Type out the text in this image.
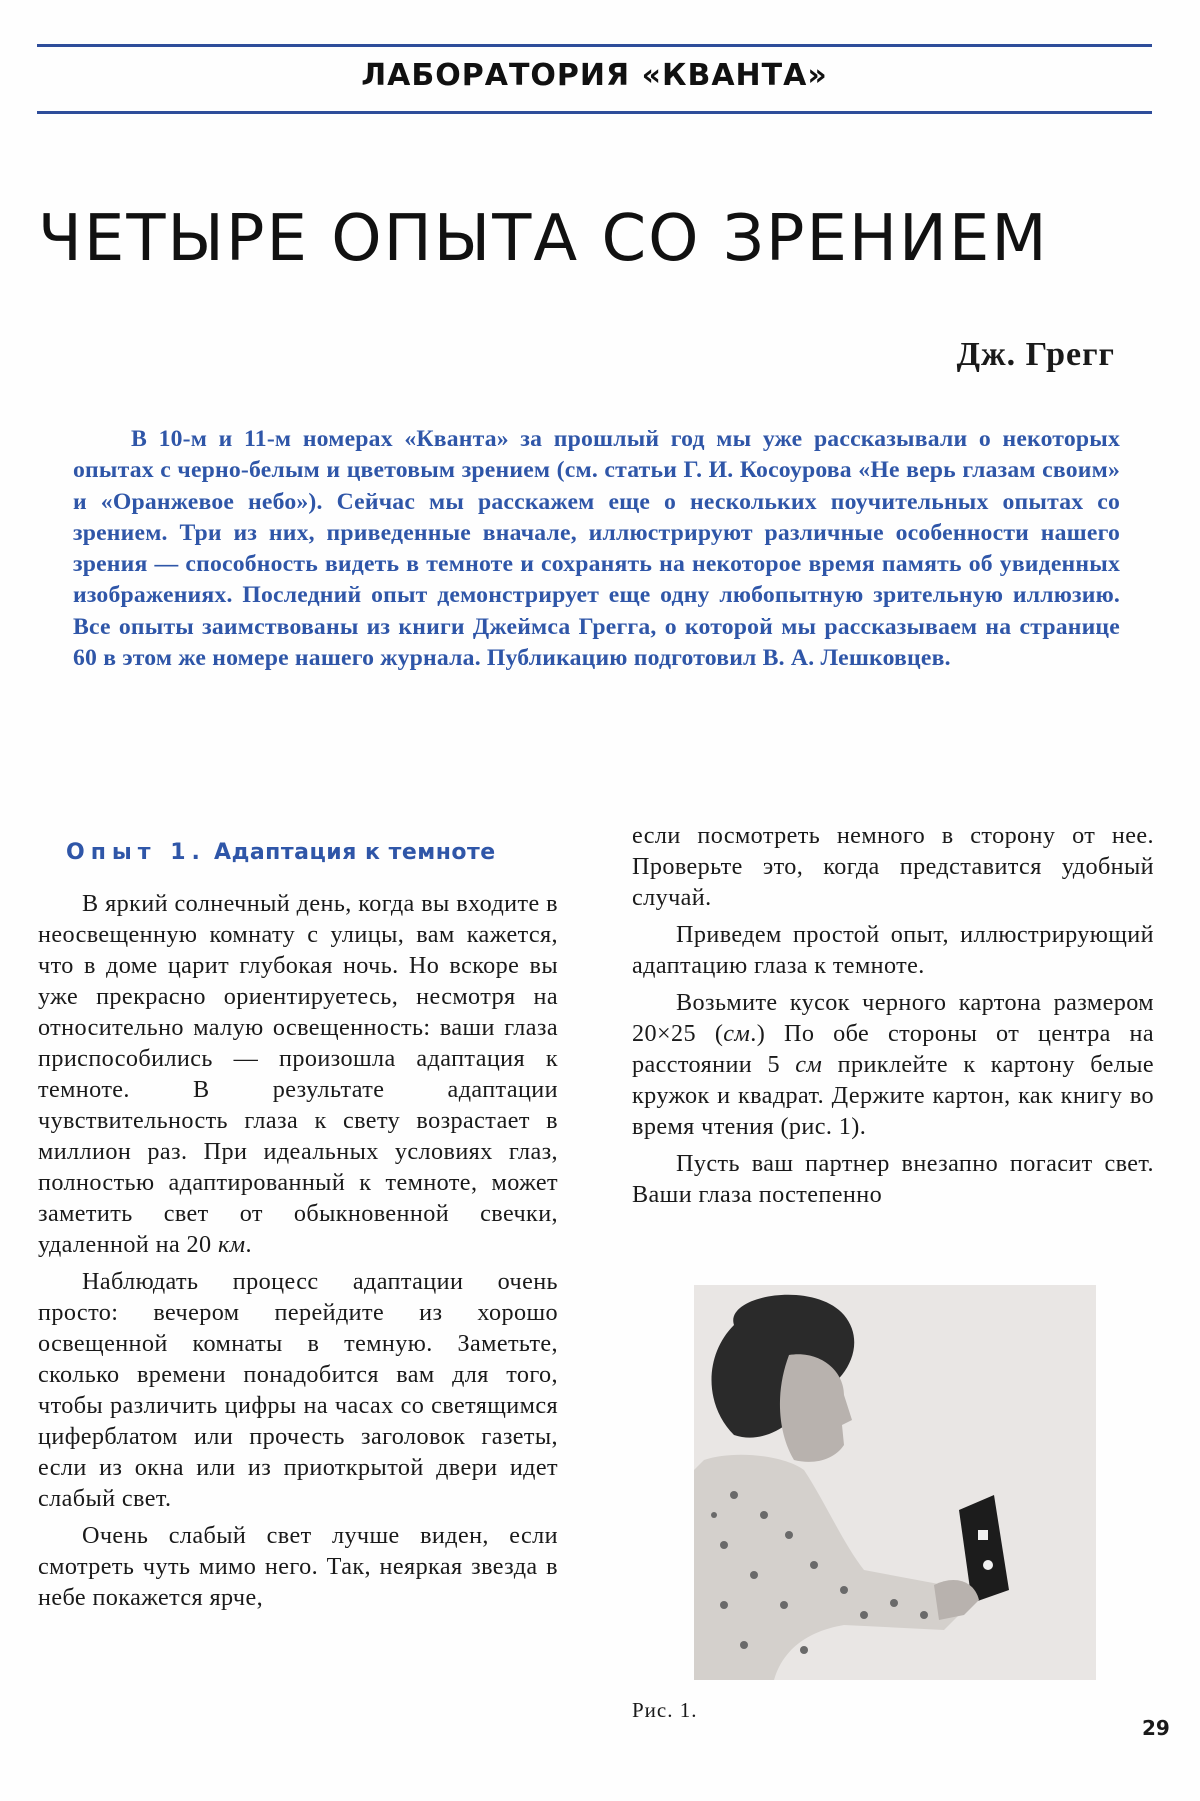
ЛАБОРАТОРИЯ «КВАНТА»
ЧЕТЫРЕ ОПЫТА СО ЗРЕНИЕМ
Дж. Грегг
В 10-м и 11-м номерах «Кванта» за прошлый год мы уже рассказывали о некоторых опытах с черно-белым и цветовым зрением (см. статьи Г. И. Косоурова «Не верь глазам своим» и «Оранжевое небо»). Сейчас мы расскажем еще о нескольких поучительных опытах со зрением. Три из них, приведенные вначале, иллюстрируют различные особенности нашего зрения — способность видеть в темноте и сохранять на некоторое время память об увиденных изображениях. Последний опыт демонстрирует еще одну любопытную зрительную иллюзию. Все опыты заимствованы из книги Джеймса Грегга, о которой мы рассказываем на странице 60 в этом же номере нашего журнала. Публикацию подготовил В. А. Лешковцев.
Опыт 1. Адаптация к темноте

В яркий солнечный день, когда вы входите в неосвещенную комнату с улицы, вам кажется, что в доме царит глубокая ночь. Но вскоре вы уже прекрасно ориентируетесь, несмотря на относительно малую освещенность: ваши глаза приспособились — произошла адаптация к темноте. В результате адаптации чувствительность глаза к свету возрастает в миллион раз. При идеальных условиях глаз, полностью адаптированный к темноте, может заметить свет от обыкновенной свечки, удаленной на 20 км.

Наблюдать процесс адаптации очень просто: вечером перейдите из хорошо освещенной комнаты в темную. Заметьте, сколько времени понадобится вам для того, чтобы различить цифры на часах со светящимся циферблатом или прочесть заголовок газеты, если из окна или из приоткрытой двери идет слабый свет.

Очень слабый свет лучше виден, если смотреть чуть мимо него. Так, неяркая звезда в небе покажется ярче,

если посмотреть немного в сторону от нее. Проверьте это, когда представится удобный случай.

Приведем простой опыт, иллюстрирующий адаптацию глаза к темноте.

Возьмите кусок черного картона размером 20×25 (см.) По обе стороны от центра на расстоянии 5 см приклейте к картону белые кружок и квадрат. Держите картон, как книгу во время чтения (рис. 1).

Пусть ваш партнер внезапно погасит свет. Ваши глаза постепенно

Рис. 1.
29
